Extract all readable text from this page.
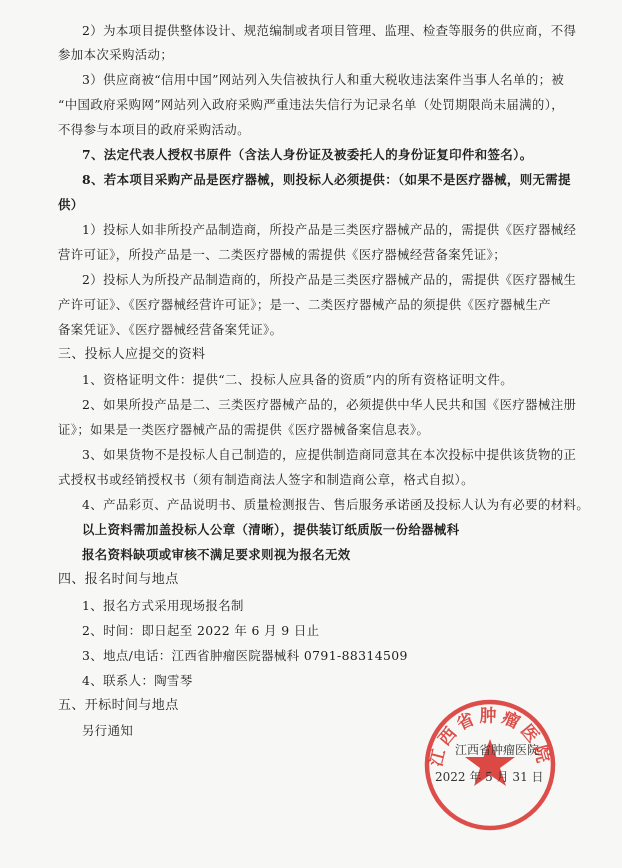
2）为本项目提供整体设计、规范编制或者项目管理、监理、检查等服务的供应商，不得
参加本次采购活动；
3）供应商被“信用中国”网站列入失信被执行人和重大税收违法案件当事人名单的；被
“中国政府采购网”网站列入政府采购严重违法失信行为记录名单（处罚期限尚未届满的），
不得参与本项目的政府采购活动。
7、法定代表人授权书原件（含法人身份证及被委托人的身份证复印件和签名）。
8、若本项目采购产品是医疗器械，则投标人必须提供：（如果不是医疗器械，则无需提
供）
1）投标人如非所投产品制造商，所投产品是三类医疗器械产品的，需提供《医疗器械经
营许可证》，所投产品是一、二类医疗器械的需提供《医疗器械经营备案凭证》；
2）投标人为所投产品制造商的，所投产品是三类医疗器械产品的，需提供《医疗器械生
产许可证》、《医疗器械经营许可证》；是一、二类医疗器械产品的须提供《医疗器械生产
备案凭证》、《医疗器械经营备案凭证》。
三、投标人应提交的资料
1、资格证明文件：提供“二、投标人应具备的资质”内的所有资格证明文件。
2、如果所投产品是二、三类医疗器械产品的，必须提供中华人民共和国《医疗器械注册
证》；如果是一类医疗器械产品的需提供《医疗器械备案信息表》。
3、如果货物不是投标人自己制造的，应提供制造商同意其在本次投标中提供该货物的正
式授权书或经销授权书（须有制造商法人签字和制造商公章，格式自拟）。
4、产品彩页、产品说明书、质量检测报告、售后服务承诺函及投标人认为有必要的材料。
以上资料需加盖投标人公章（清晰），提供装订纸质版一份给器械科
报名资料缺项或审核不满足要求则视为报名无效
四、报名时间与地点
1、报名方式采用现场报名制
2、时间：即日起至 2022 年 6 月 9 日止
3、地点/电话：江西省肿瘤医院器械科 0791-88314509
4、联系人：陶雪琴
五、开标时间与地点
另行通知
江西省肿瘤医院
江西省肿瘤医院
2022 年 5 月 31 日
